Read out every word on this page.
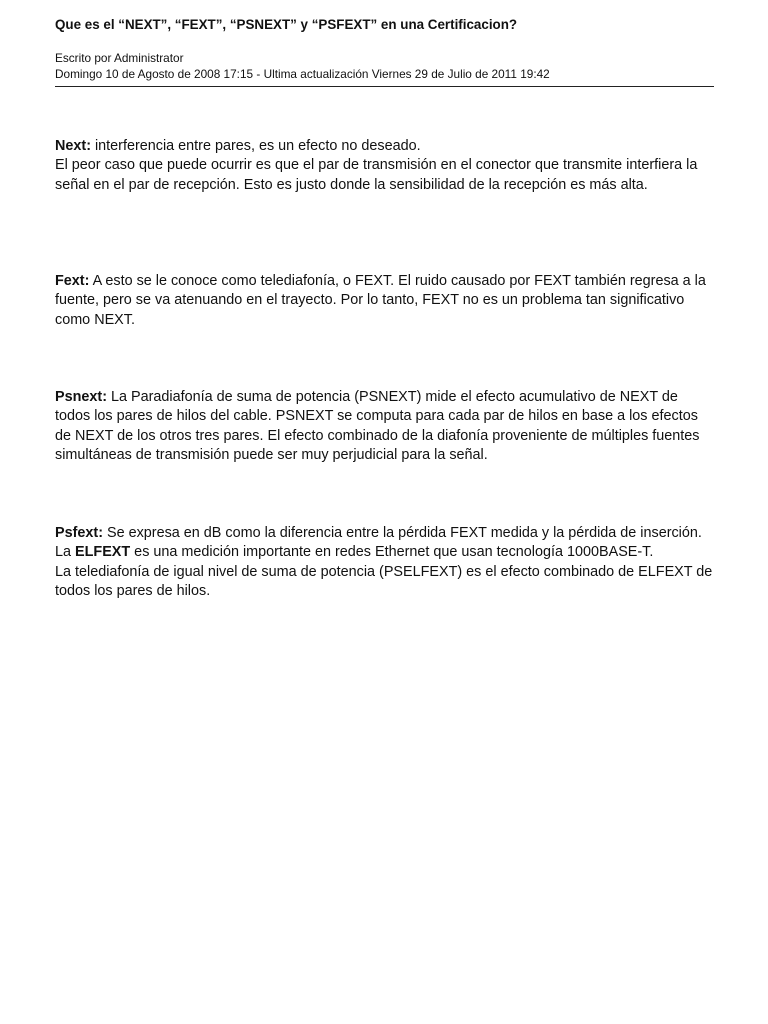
Que es el “NEXT”, “FEXT”, “PSNEXT” y “PSFEXT” en una Certificacion?
Escrito por Administrator
Domingo 10 de Agosto de 2008 17:15 - Ultima actualización Viernes 29 de Julio de 2011 19:42

Next: interferencia entre pares, es un efecto no deseado.
El peor caso que puede ocurrir es que el par de transmisión en el conector que transmite interfiera la señal en el par de recepción. Esto es justo donde la sensibilidad de la recepción es más alta.

Fext: A esto se le conoce como telediafonía, o FEXT. El ruido causado por FEXT también regresa a la fuente, pero se va atenuando en el trayecto. Por lo tanto, FEXT no es un problema tan significativo como NEXT.

Psnext: La Paradiafonía de suma de potencia (PSNEXT) mide el efecto acumulativo de NEXT de todos los pares de hilos del cable. PSNEXT se computa para cada par de hilos en base a los efectos de NEXT de los otros tres pares. El efecto combinado de la diafonía proveniente de múltiples fuentes simultáneas de transmisión puede ser muy perjudicial para la señal.

Psfext: Se expresa en dB como la diferencia entre la pérdida FEXT medida y la pérdida de inserción.
La ELFEXT es una medición importante en redes Ethernet que usan tecnología 1000BASE-T.
La telediafonía de igual nivel de suma de potencia (PSELFEXT) es el efecto combinado de ELFEXT de todos los pares de hilos.
